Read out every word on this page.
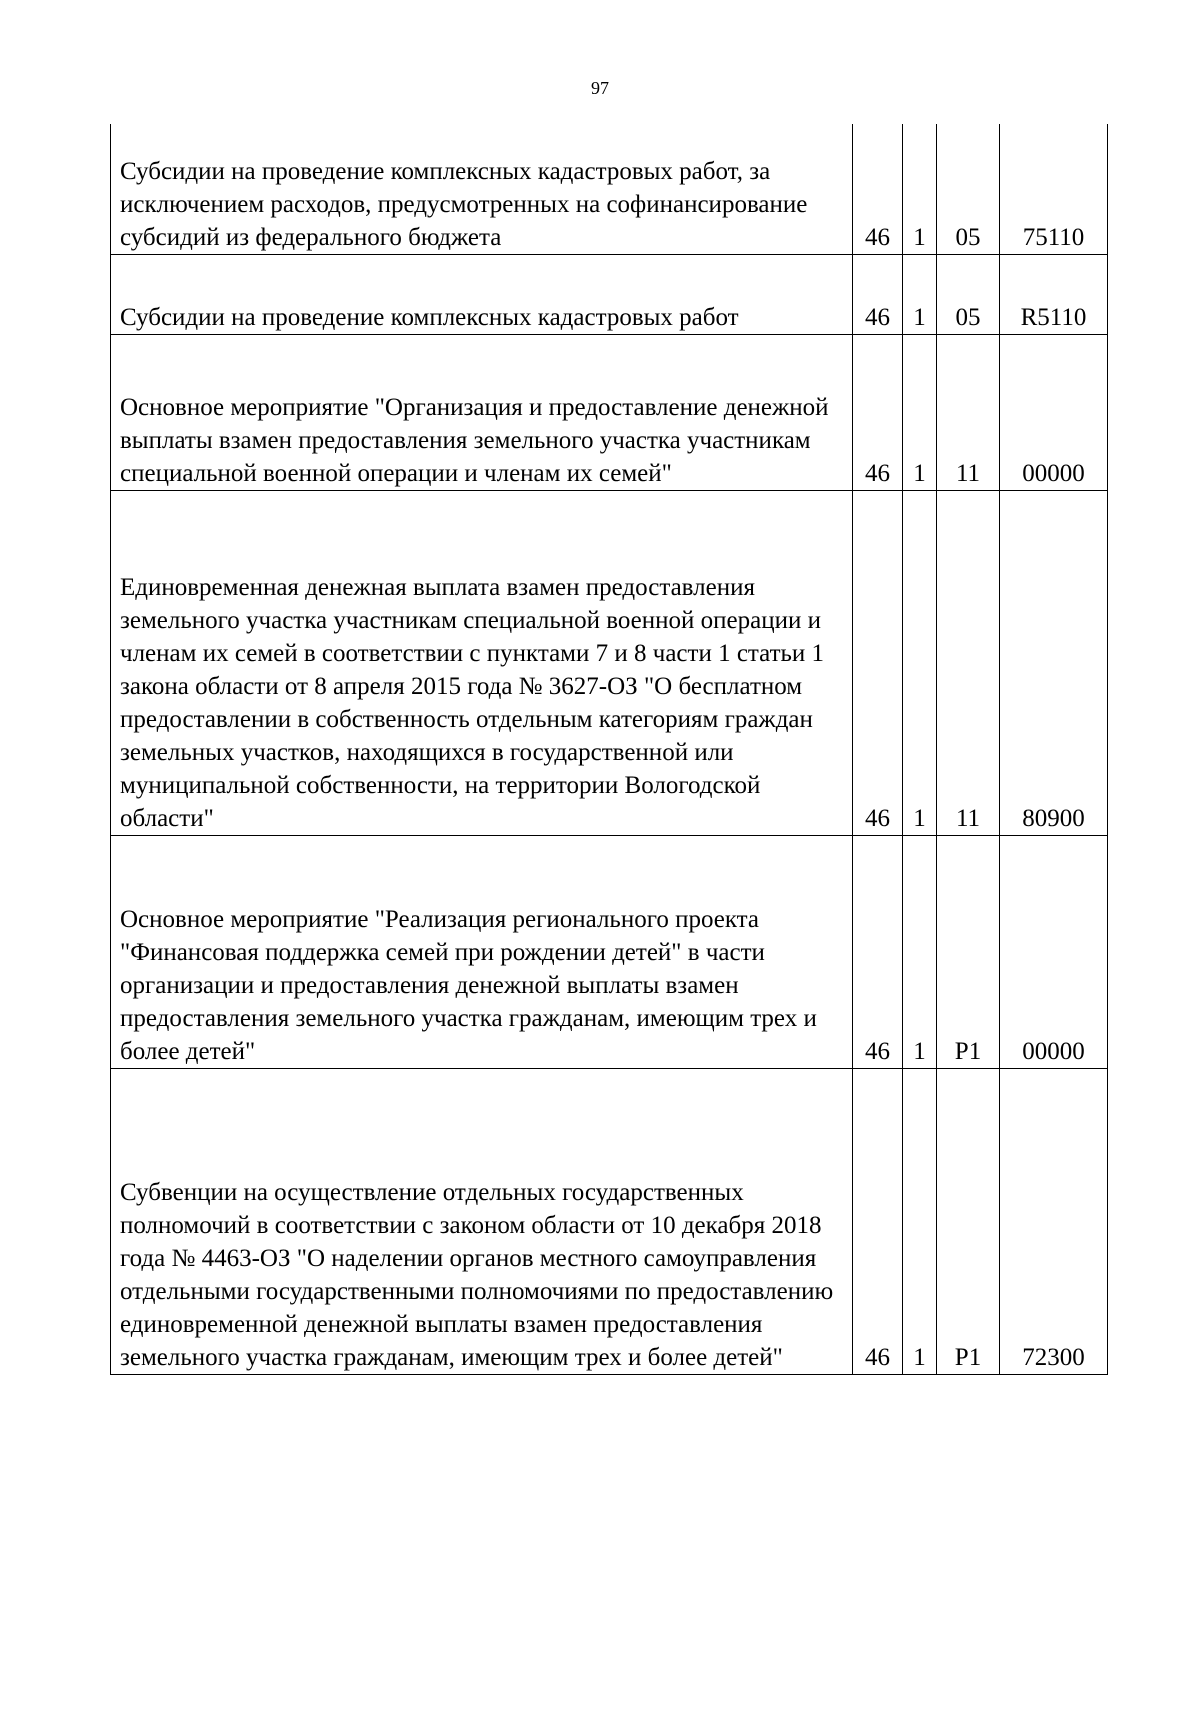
97
Субсидии на проведение комплексных кадастровых работ, за исключением расходов, предусмотренных на софинансирование субсидий из федерального бюджета	46	1	05	75110

Субсидии на проведение комплексных кадастровых работ	46	1	05	R5110

Основное мероприятие "Организация и предоставление денежной выплаты взамен предоставления земельного участка участникам специальной военной операции и членам их семей"	46	1	11	00000

Единовременная денежная выплата взамен предоставления земельного участка участникам специальной военной операции и членам их семей в соответствии с пунктами 7 и 8 части 1 статьи 1 закона области от 8 апреля 2015 года № 3627-ОЗ "О бесплатном предоставлении в собственность отдельным категориям граждан земельных участков, находящихся в государственной или муниципальной собственности, на территории Вологодской области"	46	1	11	80900

Основное мероприятие "Реализация регионального проекта "Финансовая поддержка семей при рождении детей" в части организации и предоставления денежной выплаты взамен предоставления земельного участка гражданам, имеющим трех и более детей"	46	1	P1	00000

Субвенции на осуществление отдельных государственных полномочий в соответствии с законом области от 10 декабря 2018 года № 4463-ОЗ "О наделении органов местного самоуправления отдельными государственными полномочиями по предоставлению единовременной денежной выплаты взамен предоставления земельного участка гражданам, имеющим трех и более детей"	46	1	P1	72300
